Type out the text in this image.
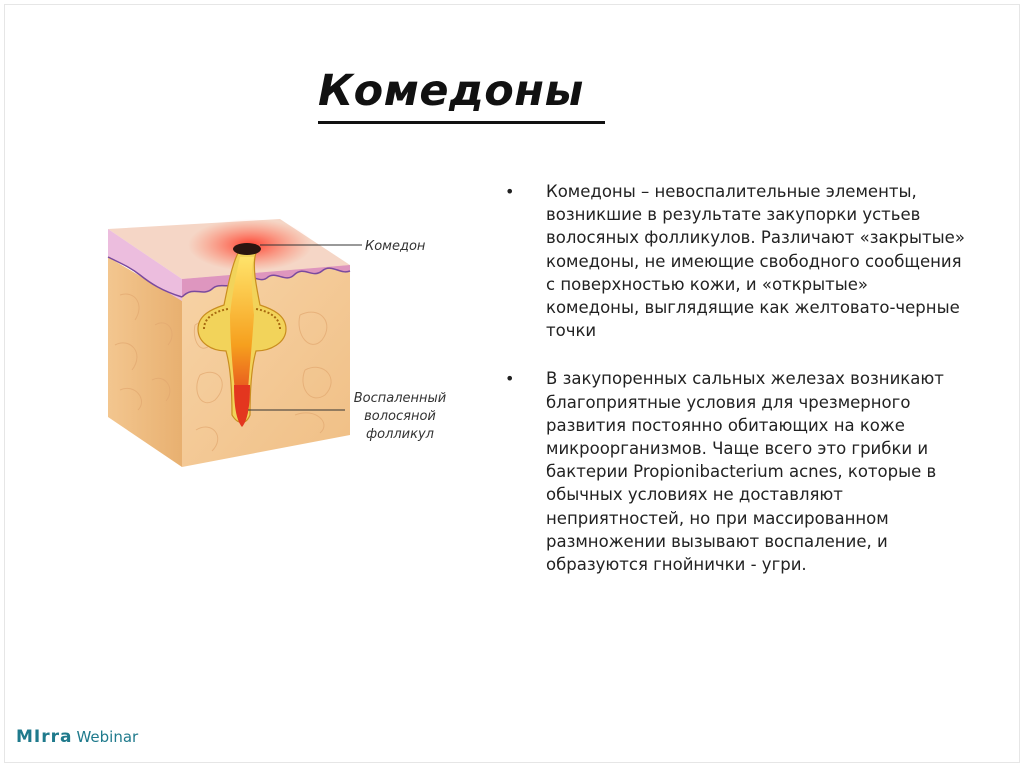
Комедоны
Комедон
Воспаленный
волосяной
фолликул
• Комедоны – невоспалительные элементы, возникшие в результате закупорки устьев волосяных фолликулов. Различают «закрытые» комедоны, не имеющие свободного сообщения с поверхностью кожи, и «открытые» комедоны, выглядящие как желтовато-черные точки
• В закупоренных сальных железах возникают благоприятные условия для чрезмерного развития постоянно обитающих на коже микроорганизмов. Чаще всего это грибки и бактерии Propionibacterium acnes, которые в обычных условиях не доставляют неприятностей, но при массированном размножении вызывают воспаление, и образуются гнойнички - угри.
MIrra Webinar
